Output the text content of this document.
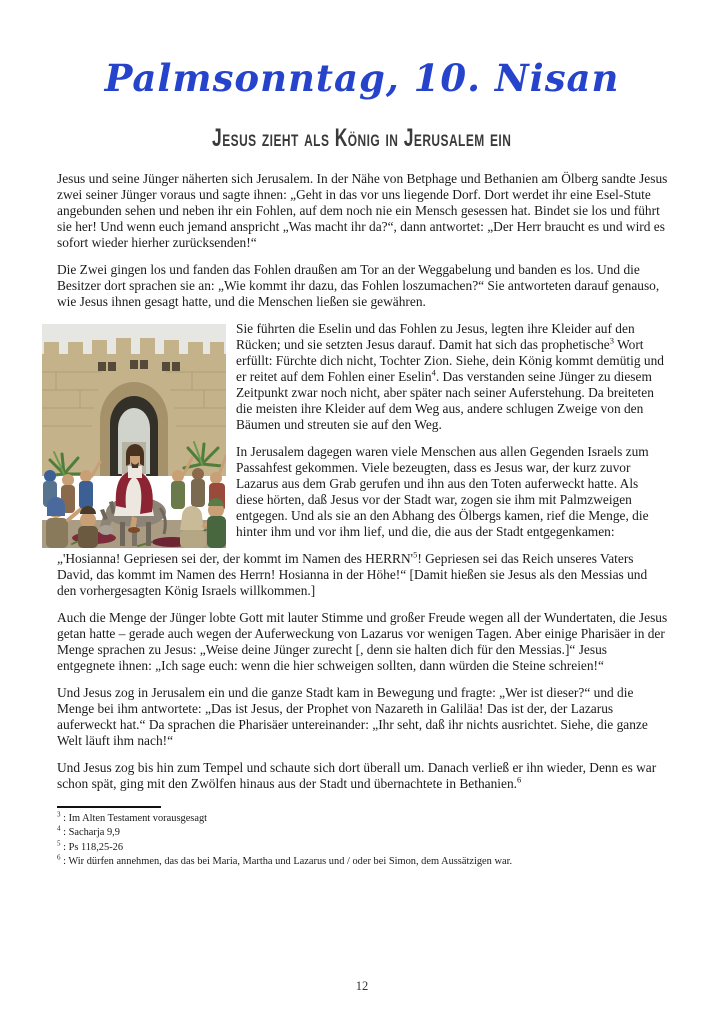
Palmsonntag, 10. Nisan
Jesus zieht als König in Jerusalem ein

Jesus und seine Jünger näherten sich Jerusalem. In der Nähe von Betphage und Bethanien am Ölberg sandte Jesus zwei seiner Jünger voraus und sagte ihnen: „Geht in das vor uns liegende Dorf. Dort werdet ihr eine Esel-Stute angebunden sehen und neben ihr ein Fohlen, auf dem noch nie ein Mensch gesessen hat. Bindet sie los und führt sie her! Und wenn euch jemand anspricht „Was macht ihr da?“, dann antwortet: „Der Herr braucht es und wird es sofort wieder hierher zurücksenden!“

Die Zwei gingen los und fanden das Fohlen draußen am Tor an der Weggabelung und banden es los. Und die Besitzer dort sprachen sie an: „Wie kommt ihr dazu, das Fohlen loszumachen?“ Sie antworteten darauf genauso, wie Jesus ihnen gesagt hatte, und die Menschen ließen sie gewähren.

Sie führten die Eselin und das Fohlen zu Jesus, legten ihre Kleider auf den Rücken; und sie setzten Jesus darauf. Damit hat sich das prophetische$^3$ Wort erfüllt: Fürchte dich nicht, Tochter Zion. Siehe, dein König kommt demütig und er reitet auf dem Fohlen einer Eselin$^4$. Das verstanden seine Jünger zu diesem Zeitpunkt zwar noch nicht, aber später nach seiner Auferstehung. Da breiteten die meisten ihre Kleider auf dem Weg aus, andere schlugen Zweige von den Bäumen und streuten sie auf den Weg.

In Jerusalem dagegen waren viele Menschen aus allen Gegenden Israels zum Passahfest gekommen. Viele bezeugten, dass es Jesus war, der kurz zuvor Lazarus aus dem Grab gerufen und ihn aus den Toten auferweckt hatte. Als diese hörten, daß Jesus vor der Stadt war, zogen sie ihm mit Palmzweigen entgegen. Und als sie an den Abhang des Ölbergs kamen, rief die Menge, die hinter ihm und vor ihm lief, und die, die aus der Stadt entgegenkamen:

„'Hosianna! Gepriesen sei der, der kommt im Namen des $HERRN'^5$! Gepriesen sei das Reich unseres Vaters David, das kommt im Namen des Herrn! Hosianna in der Höhe!“ [Damit hießen sie Jesus als den Messias und den vorhergesagten König Israels willkommen.]

Auch die Menge der Jünger lobte Gott mit lauter Stimme und großer Freude wegen all der Wundertaten, die Jesus getan hatte – gerade auch wegen der Auferweckung von Lazarus vor wenigen Tagen. Aber einige Pharisäer in der Menge sprachen zu Jesus: „Weise deine Jünger zurecht [, denn sie halten dich für den Messias.]“ Jesus entgegnete ihnen: „Ich sage euch: wenn die hier schweigen sollten, dann würden die Steine schreien!“

Und Jesus zog in Jerusalem ein und die ganze Stadt kam in Bewegung und fragte: „Wer ist dieser?“ und die Menge bei ihm antwortete: „Das ist Jesus, der Prophet von Nazareth in Galiläa! Das ist der, der Lazarus auferweckt hat.“ Da sprachen die Pharisäer untereinander: „Ihr seht, daß ihr nichts ausrichtet. Siehe, die ganze Welt läuft ihm nach!“

Und Jesus zog bis hin zum Tempel und schaute sich dort überall um. Danach verließ er ihn wieder, Denn es war schon spät, ging mit den Zwölfen hinaus aus der Stadt und übernachtete in Bethanien.$^6$

$^3$ : Im Alten Testament vorausgesagt
$^4$ : Sacharja 9,9
$^5$ : Ps 118,25-26
$^6$ : Wir dürfen annehmen, das das bei Maria, Martha und Lazarus und / oder bei Simon, dem Aussätzigen war.
12
